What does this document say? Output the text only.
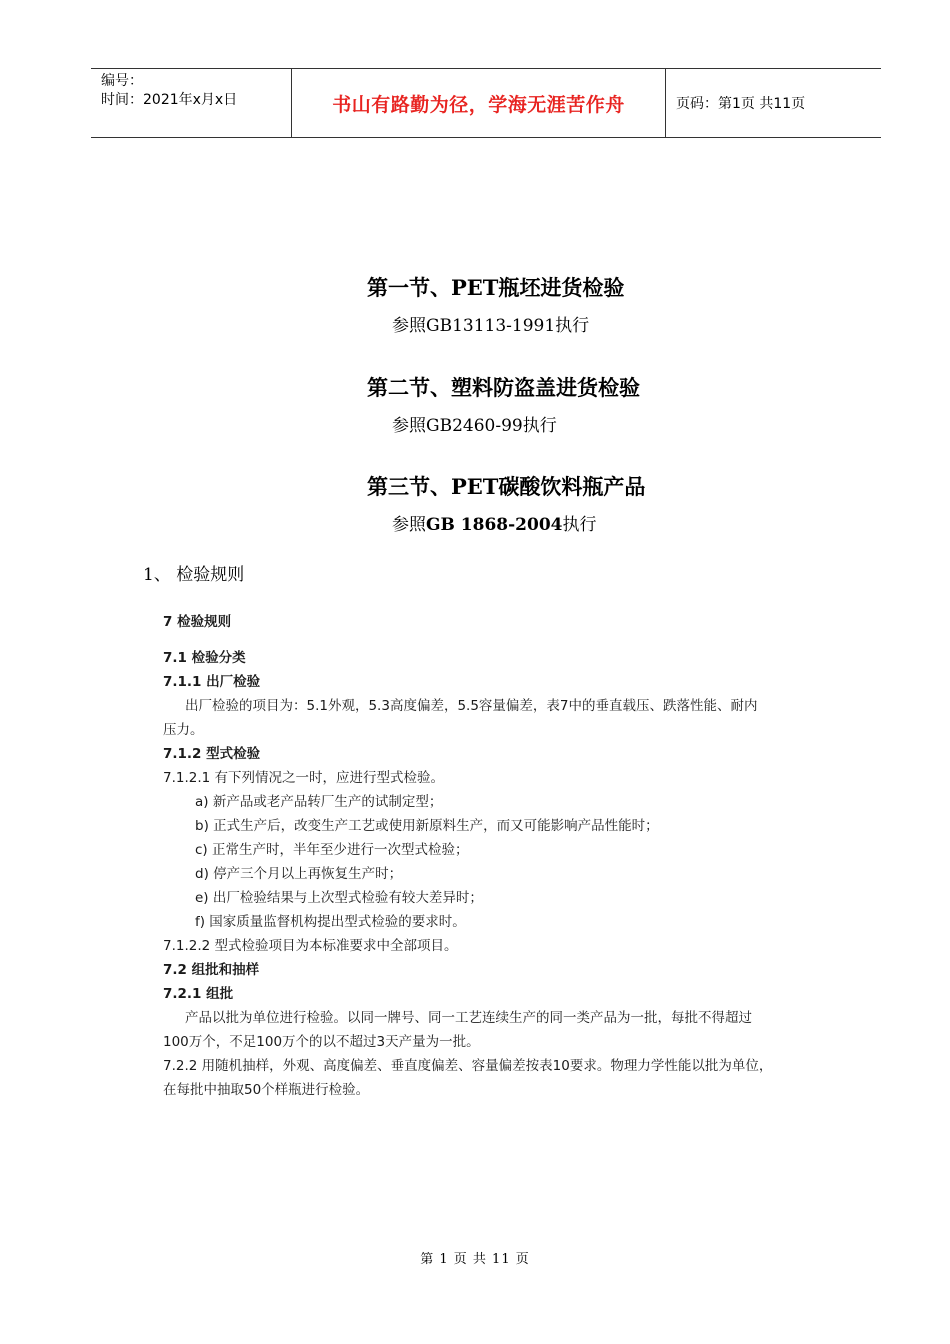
编号：
时间：2021年x月x日	书山有路勤为径，学海无涯苦作舟	页码：第1页 共11页
第一节、PET瓶坯进货检验
参照GB13113-1991执行
第二节、塑料防盗盖进货检验
参照GB2460-99执行
第三节、PET碳酸饮料瓶产品
参照GB 1868-2004执行
1、 检验规则
7 检验规则
7.1 检验分类
7.1.1 出厂检验
出厂检验的项目为：5.1外观，5.3高度偏差，5.5容量偏差，表7中的垂直载压、跌落性能、耐内
压力。
7.1.2 型式检验
7.1.2.1 有下列情况之一时，应进行型式检验。
a) 新产品或老产品转厂生产的试制定型；
b) 正式生产后，改变生产工艺或使用新原料生产，而又可能影响产品性能时；
c) 正常生产时，半年至少进行一次型式检验；
d) 停产三个月以上再恢复生产时；
e) 出厂检验结果与上次型式检验有较大差异时；
f) 国家质量监督机构提出型式检验的要求时。
7.1.2.2 型式检验项目为本标准要求中全部项目。
7.2 组批和抽样
7.2.1 组批
产品以批为单位进行检验。以同一牌号、同一工艺连续生产的同一类产品为一批，每批不得超过
100万个，不足100万个的以不超过3天产量为一批。
7.2.2 用随机抽样，外观、高度偏差、垂直度偏差、容量偏差按表10要求。物理力学性能以批为单位，
在每批中抽取50个样瓶进行检验。
第 1 页 共 11 页
